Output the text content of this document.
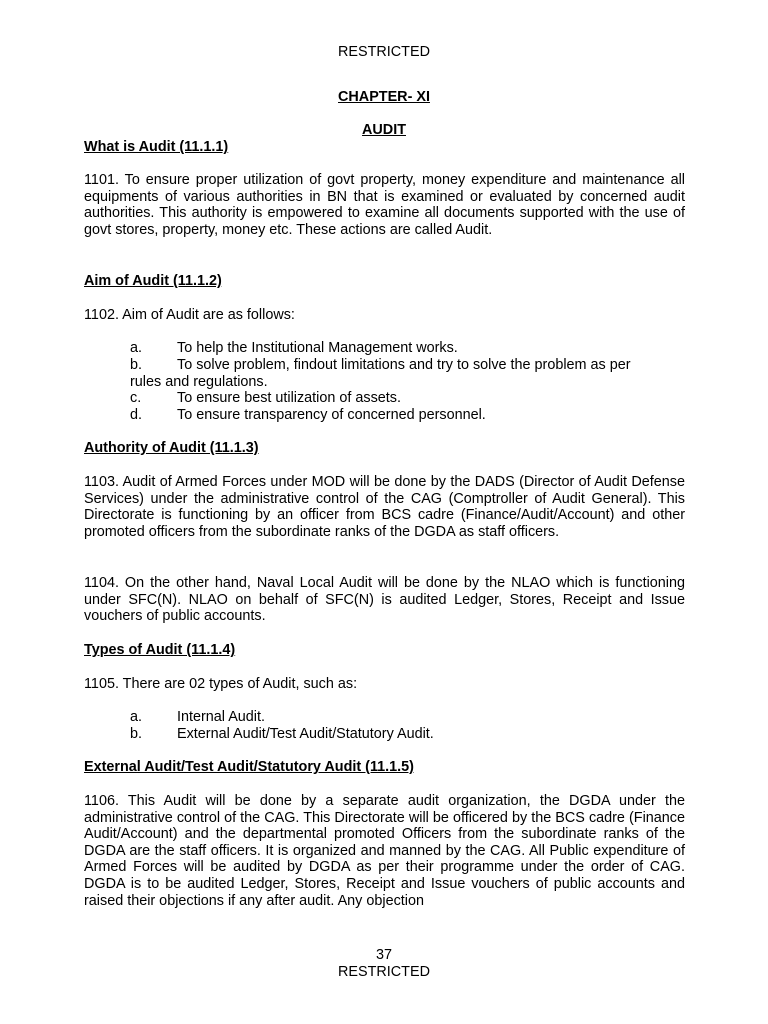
RESTRICTED
CHAPTER- XI
AUDIT
What is Audit (11.1.1)
1101. To ensure proper utilization of govt property, money expenditure and maintenance all equipments of various authorities in BN that is examined or evaluated by concerned audit authorities. This authority is empowered to examine all documents supported with the use of govt stores, property, money etc. These actions are called Audit.
Aim of Audit (11.1.2)
1102. Aim of Audit are as follows:
a. To help the Institutional Management works.
b. To solve problem, findout limitations and try to solve the problem as per
rules and regulations.
c. To ensure best utilization of assets.
d. To ensure transparency of concerned personnel.
Authority of Audit (11.1.3)
1103. Audit of Armed Forces under MOD will be done by the DADS (Director of Audit Defense Services) under the administrative control of the CAG (Comptroller of Audit General). This Directorate is functioning by an officer from BCS cadre (Finance/Audit/Account) and other promoted officers from the subordinate ranks of the DGDA as staff officers.
1104. On the other hand, Naval Local Audit will be done by the NLAO which is functioning under SFC(N). NLAO on behalf of SFC(N) is audited Ledger, Stores, Receipt and Issue vouchers of public accounts.
Types of Audit (11.1.4)
1105. There are 02 types of Audit, such as:
a. Internal Audit.
b. External Audit/Test Audit/Statutory Audit.
External Audit/Test Audit/Statutory Audit (11.1.5)
1106. This Audit will be done by a separate audit organization, the DGDA under the administrative control of the CAG. This Directorate will be officered by the BCS cadre (Finance Audit/Account) and the departmental promoted Officers from the subordinate ranks of the DGDA are the staff officers. It is organized and manned by the CAG. All Public expenditure of Armed Forces will be audited by DGDA as per their programme under the order of CAG. DGDA is to be audited Ledger, Stores, Receipt and Issue vouchers of public accounts and raised their objections if any after audit. Any objection
37
RESTRICTED
